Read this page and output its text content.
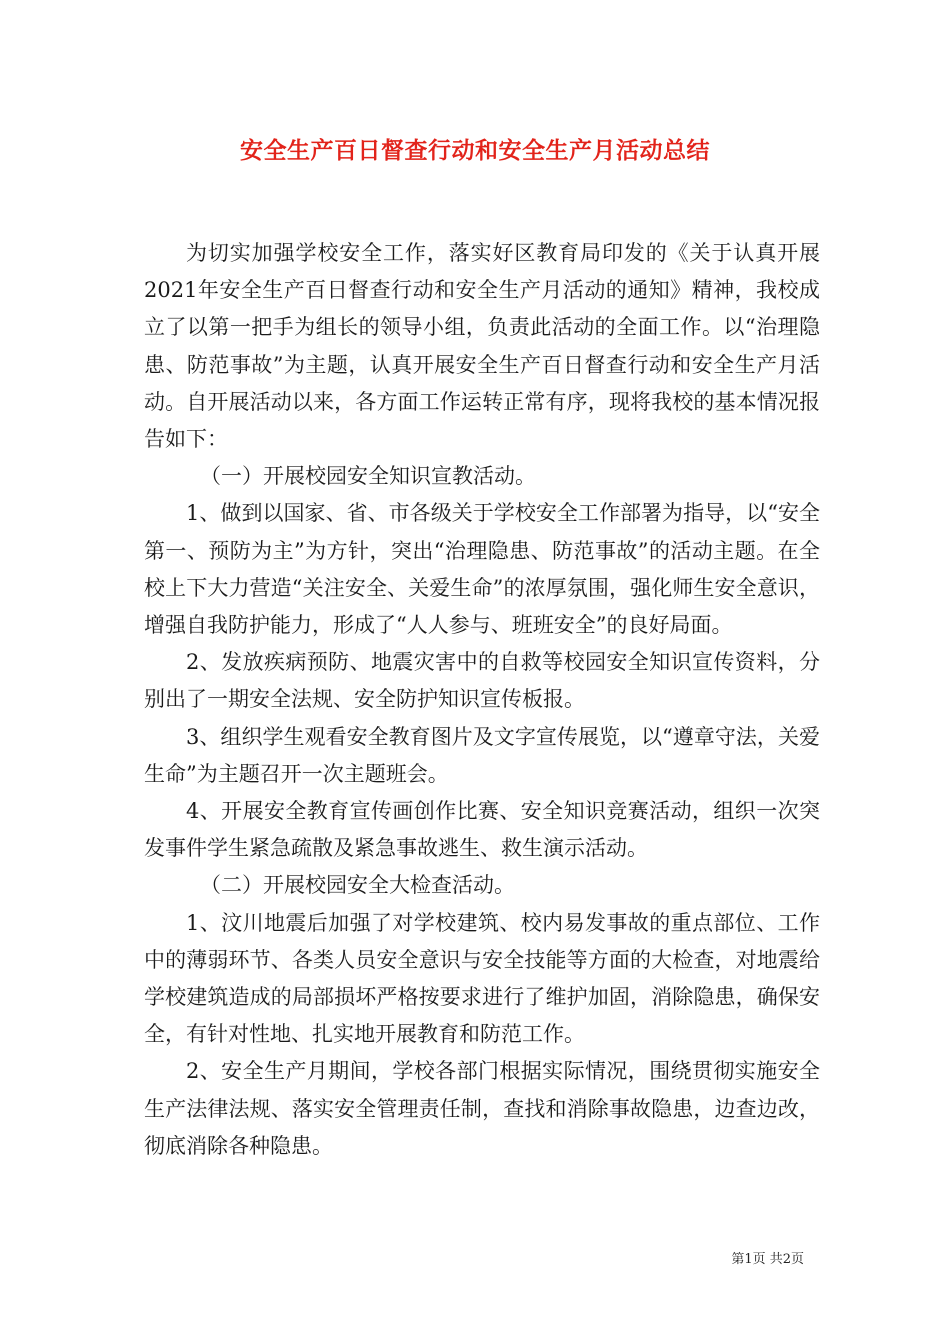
安全生产百日督查行动和安全生产月活动总结

为切实加强学校安全工作，落实好区教育局印发的《关于认真开展2021年安全生产百日督查行动和安全生产月活动的通知》精神，我校成立了以第一把手为组长的领导小组，负责此活动的全面工作。以“治理隐患、防范事故”为主题，认真开展安全生产百日督查行动和安全生产月活动。自开展活动以来，各方面工作运转正常有序，现将我校的基本情况报告如下：

（一）开展校园安全知识宣教活动。

1、做到以国家、省、市各级关于学校安全工作部署为指导，以“安全第一、预防为主”为方针，突出“治理隐患、防范事故”的活动主题。在全校上下大力营造“关注安全、关爱生命”的浓厚氛围，强化师生安全意识，增强自我防护能力，形成了“人人参与、班班安全”的良好局面。

2、发放疾病预防、地震灾害中的自救等校园安全知识宣传资料，分别出了一期安全法规、安全防护知识宣传板报。

3、组织学生观看安全教育图片及文字宣传展览，以“遵章守法，关爱生命”为主题召开一次主题班会。

4、开展安全教育宣传画创作比赛、安全知识竞赛活动，组织一次突发事件学生紧急疏散及紧急事故逃生、救生演示活动。

（二）开展校园安全大检查活动。

1、汶川地震后加强了对学校建筑、校内易发事故的重点部位、工作中的薄弱环节、各类人员安全意识与安全技能等方面的大检查，对地震给学校建筑造成的局部损坏严格按要求进行了维护加固，消除隐患，确保安全，有针对性地、扎实地开展教育和防范工作。

2、安全生产月期间，学校各部门根据实际情况，围绕贯彻实施安全生产法律法规、落实安全管理责任制，查找和消除事故隐患，边查边改，彻底消除各种隐患。

第1页 共2页
